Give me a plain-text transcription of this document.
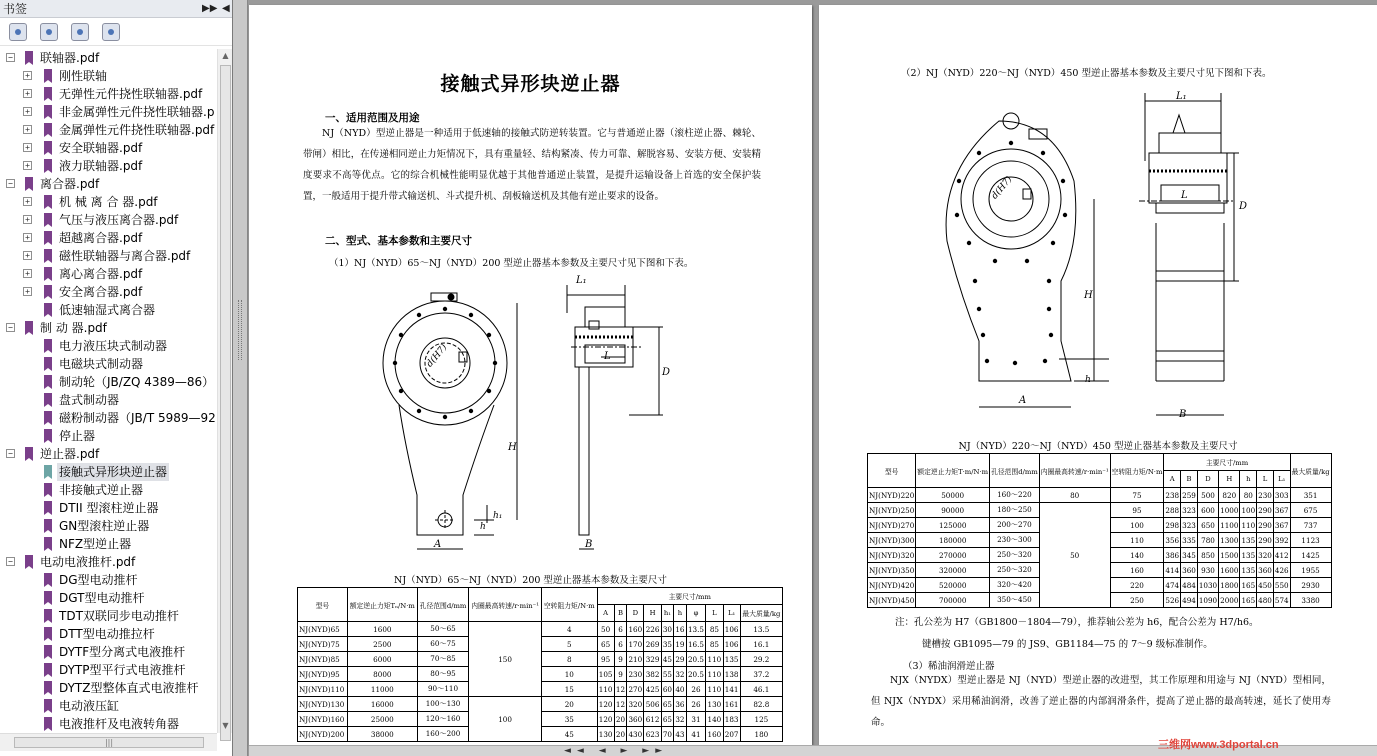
书签	▶▶ ◀
− 联轴器.pdf
+ 刚性联轴
+ 无弹性元件挠性联轴器.pdf
+ 非金属弹性元件挠性联轴器.p
+ 金属弹性元件挠性联轴器.pdf
+ 安全联轴器.pdf
+ 液力联轴器.pdf
− 离合器.pdf
+ 机 械 离 合 器.pdf
+ 气压与液压离合器.pdf
+ 超越离合器.pdf
+ 磁性联轴器与离合器.pdf
+ 离心离合器.pdf
+ 安全离合器.pdf
低速轴湿式离合器
− 制 动 器.pdf
电力液压块式制动器
电磁块式制动器
制动轮（JB/ZQ 4389—86）
盘式制动器
磁粉制动器（JB/T 5989—92
停止器
− 逆止器.pdf
接触式异形块逆止器
非接触式逆止器
DTII 型滚柱逆止器
GN型滚柱逆止器
NFZ型逆止器
− 电动电液推杆.pdf
DG型电动推杆
DGT型电动推杆
TDT双联同步电动推杆
DTT型电动推拉杆
DYTF型分离式电液推杆
DYTP型平行式电液推杆
DYTZ型整体直式电液推杆
电动液压缸
电液推杆及电液转角器
▲
▼
|||
接触式异形块逆止器
一、适用范围及用途
NJ（NYD）型逆止器是一种适用于低速轴的接触式防逆转装置。它与普通逆止器（滚柱逆止器、棘轮、带闸）相比，在传递相同逆止力矩情况下，具有重量轻、结构紧凑、传力可靠、解脱容易、安装方便、安装精度要求不高等优点。它的综合机械性能明显优越于其他普通逆止装置，是提升运输设备上首选的安全保护装置，一般适用于提升带式输送机、斗式提升机、刮板输送机及其他有逆止要求的设备。
二、型式、基本参数和主要尺寸
（1）NJ（NYD）65～NJ（NYD）200 型逆止器基本参数及主要尺寸见下图和下表。
L₁
L
D
H
h
h₁
A	B
d(H7)
NJ（NYD）65～NJ（NYD）200 型逆止器基本参数及主要尺寸
型号	额定逆止力矩Tₙ/N·m	孔径范围d/mm	内圈最高转速/r·min⁻¹	空转阻力矩/N·m	主要尺寸/mm									
					A	B	D	H	h₁	h	φ	L	L₁	最大质量/kg
NJ(NYD)65	1600	50～65	150	4	50	6	160	226	30	16	13.5	85	106	13.5
NJ(NYD)75	2500	60～75		5	65	6	170	269	35	19	16.5	85	106	16.1
NJ(NYD)85	6000	70～85		8	95	9	210	329	45	29	20.5	110	135	29.2
NJ(NYD)95	8000	80～95		10	105	9	230	382	55	32	20.5	110	138	37.2
NJ(NYD)110	11000	90～110		15	110	12	270	425	60	40	26	110	141	46.1
NJ(NYD)130	16000	100～130	100	20	120	12	320	506	65	36	26	130	161	82.8
NJ(NYD)160	25000	120～160		35	120	20	360	612	65	32	31	140	183	125
NJ(NYD)200	38000	160～200		45	130	20	430	623	70	43	41	160	207	180
（2）NJ（NYD）220～NJ（NYD）450 型逆止器基本参数及主要尺寸见下图和下表。
L₁
L
D
H
h
A
B
d(H7)
NJ（NYD）220～NJ（NYD）450 型逆止器基本参数及主要尺寸
型号	额定逆止力矩T·m/N·m	孔径范围d/mm	内圈最高转速/r·min⁻¹	空转阻力矩/N·m	主要尺寸/mm							最大质量/kg
					A	B	D	H	h	L	L₁	
NJ(NYD)220	50000	160～220	80	75	238	259	500	820	80	230	303	351
NJ(NYD)250	90000	180～250	50	95	288	323	600	1000	100	290	367	675
NJ(NYD)270	125000	200～270		100	298	323	650	1100	110	290	367	737
NJ(NYD)300	180000	230～300		110	356	335	780	1300	135	290	392	1123
NJ(NYD)320	270000	250～320		140	386	345	850	1500	135	320	412	1425
NJ(NYD)350	320000	250～320		160	414	360	930	1600	135	360	426	1955
NJ(NYD)420	520000	320～420		220	474	484	1030	1800	165	450	550	2930
NJ(NYD)450	700000	350～450		250	526	494	1090	2000	165	480	574	3380
注：孔公差为 H7（GB1800－1804—79），推荐轴公差为 h6，配合公差为 H7/h6。
键槽按 GB1095—79 的 JS9、GB1184—75 的 7～9 级标准制作。
（3）稀油润滑逆止器
NJX（NYDX）型逆止器是 NJ（NYD）型逆止器的改进型，其工作原理和用途与 NJ（NYD）型相同，但 NJX（NYDX）采用稀油润滑，改善了逆止器的内部润滑条件，提高了逆止器的最高转速，延长了使用寿命。
◄◄ ◄ ► ►►	三维网www.3dportal.cn
